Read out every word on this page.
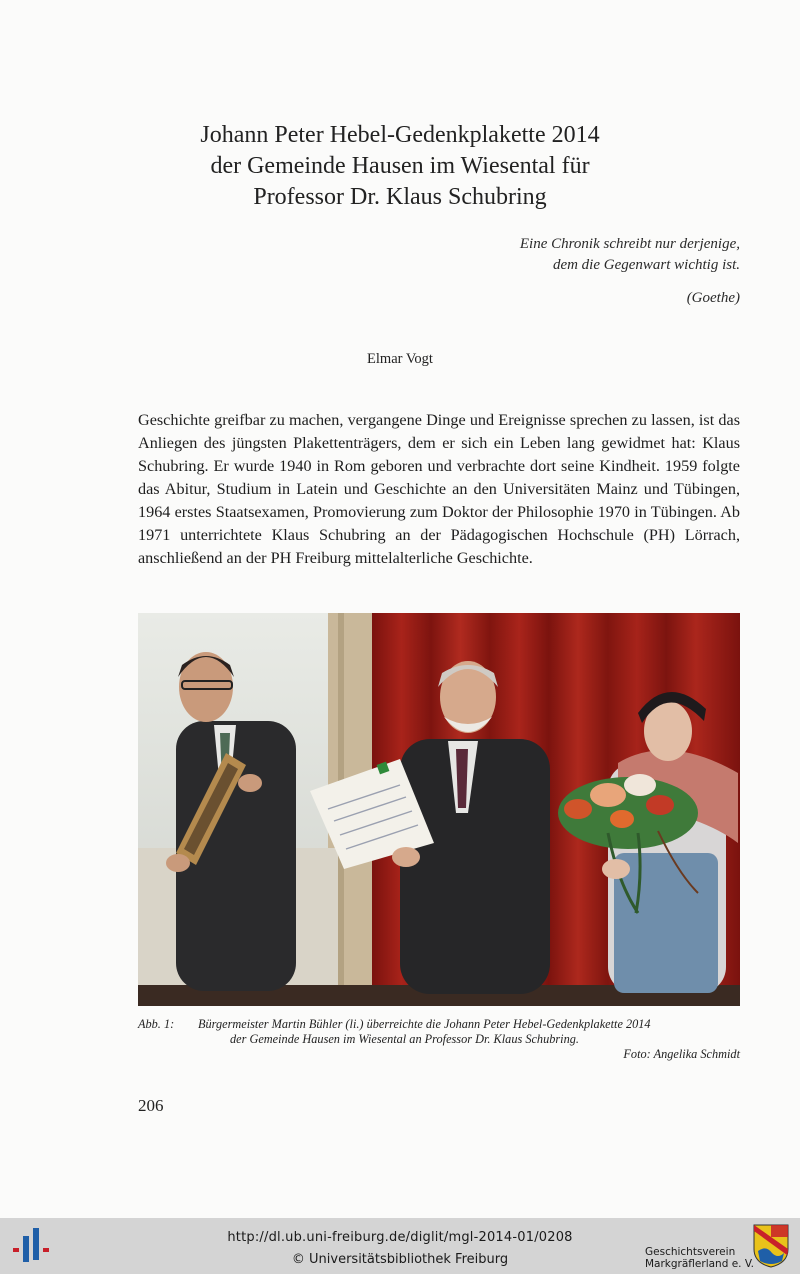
Johann Peter Hebel-Gedenkplakette 2014
der Gemeinde Hausen im Wiesental für
Professor Dr. Klaus Schubring
Eine Chronik schreibt nur derjenige,
dem die Gegenwart wichtig ist.
(Goethe)
Elmar Vogt
Geschichte greifbar zu machen, vergangene Dinge und Ereignisse sprechen zu lassen, ist das Anliegen des jüngsten Plakettenträgers, dem er sich ein Leben lang gewidmet hat: Klaus Schubring. Er wurde 1940 in Rom geboren und verbrachte dort seine Kindheit. 1959 folgte das Abitur, Studium in Latein und Geschichte an den Universitäten Mainz und Tübingen, 1964 erstes Staatsexamen, Promovierung zum Doktor der Philosophie 1970 in Tübingen. Ab 1971 unterrichtete Klaus Schubring an der Pädagogischen Hochschule (PH) Lörrach, anschließend an der PH Freiburg mittelalterliche Geschichte.
Abb. 1:	Bürgermeister Martin Bühler (li.) überreichte die Johann Peter Hebel-Gedenkplakette 2014
der Gemeinde Hausen im Wiesental an Professor Dr. Klaus Schubring.
Foto: Angelika Schmidt
206
http://dl.ub.uni-freiburg.de/diglit/mgl-2014-01/0208
© Universitätsbibliothek Freiburg	Geschichtsverein
Markgräflerland e. V.
